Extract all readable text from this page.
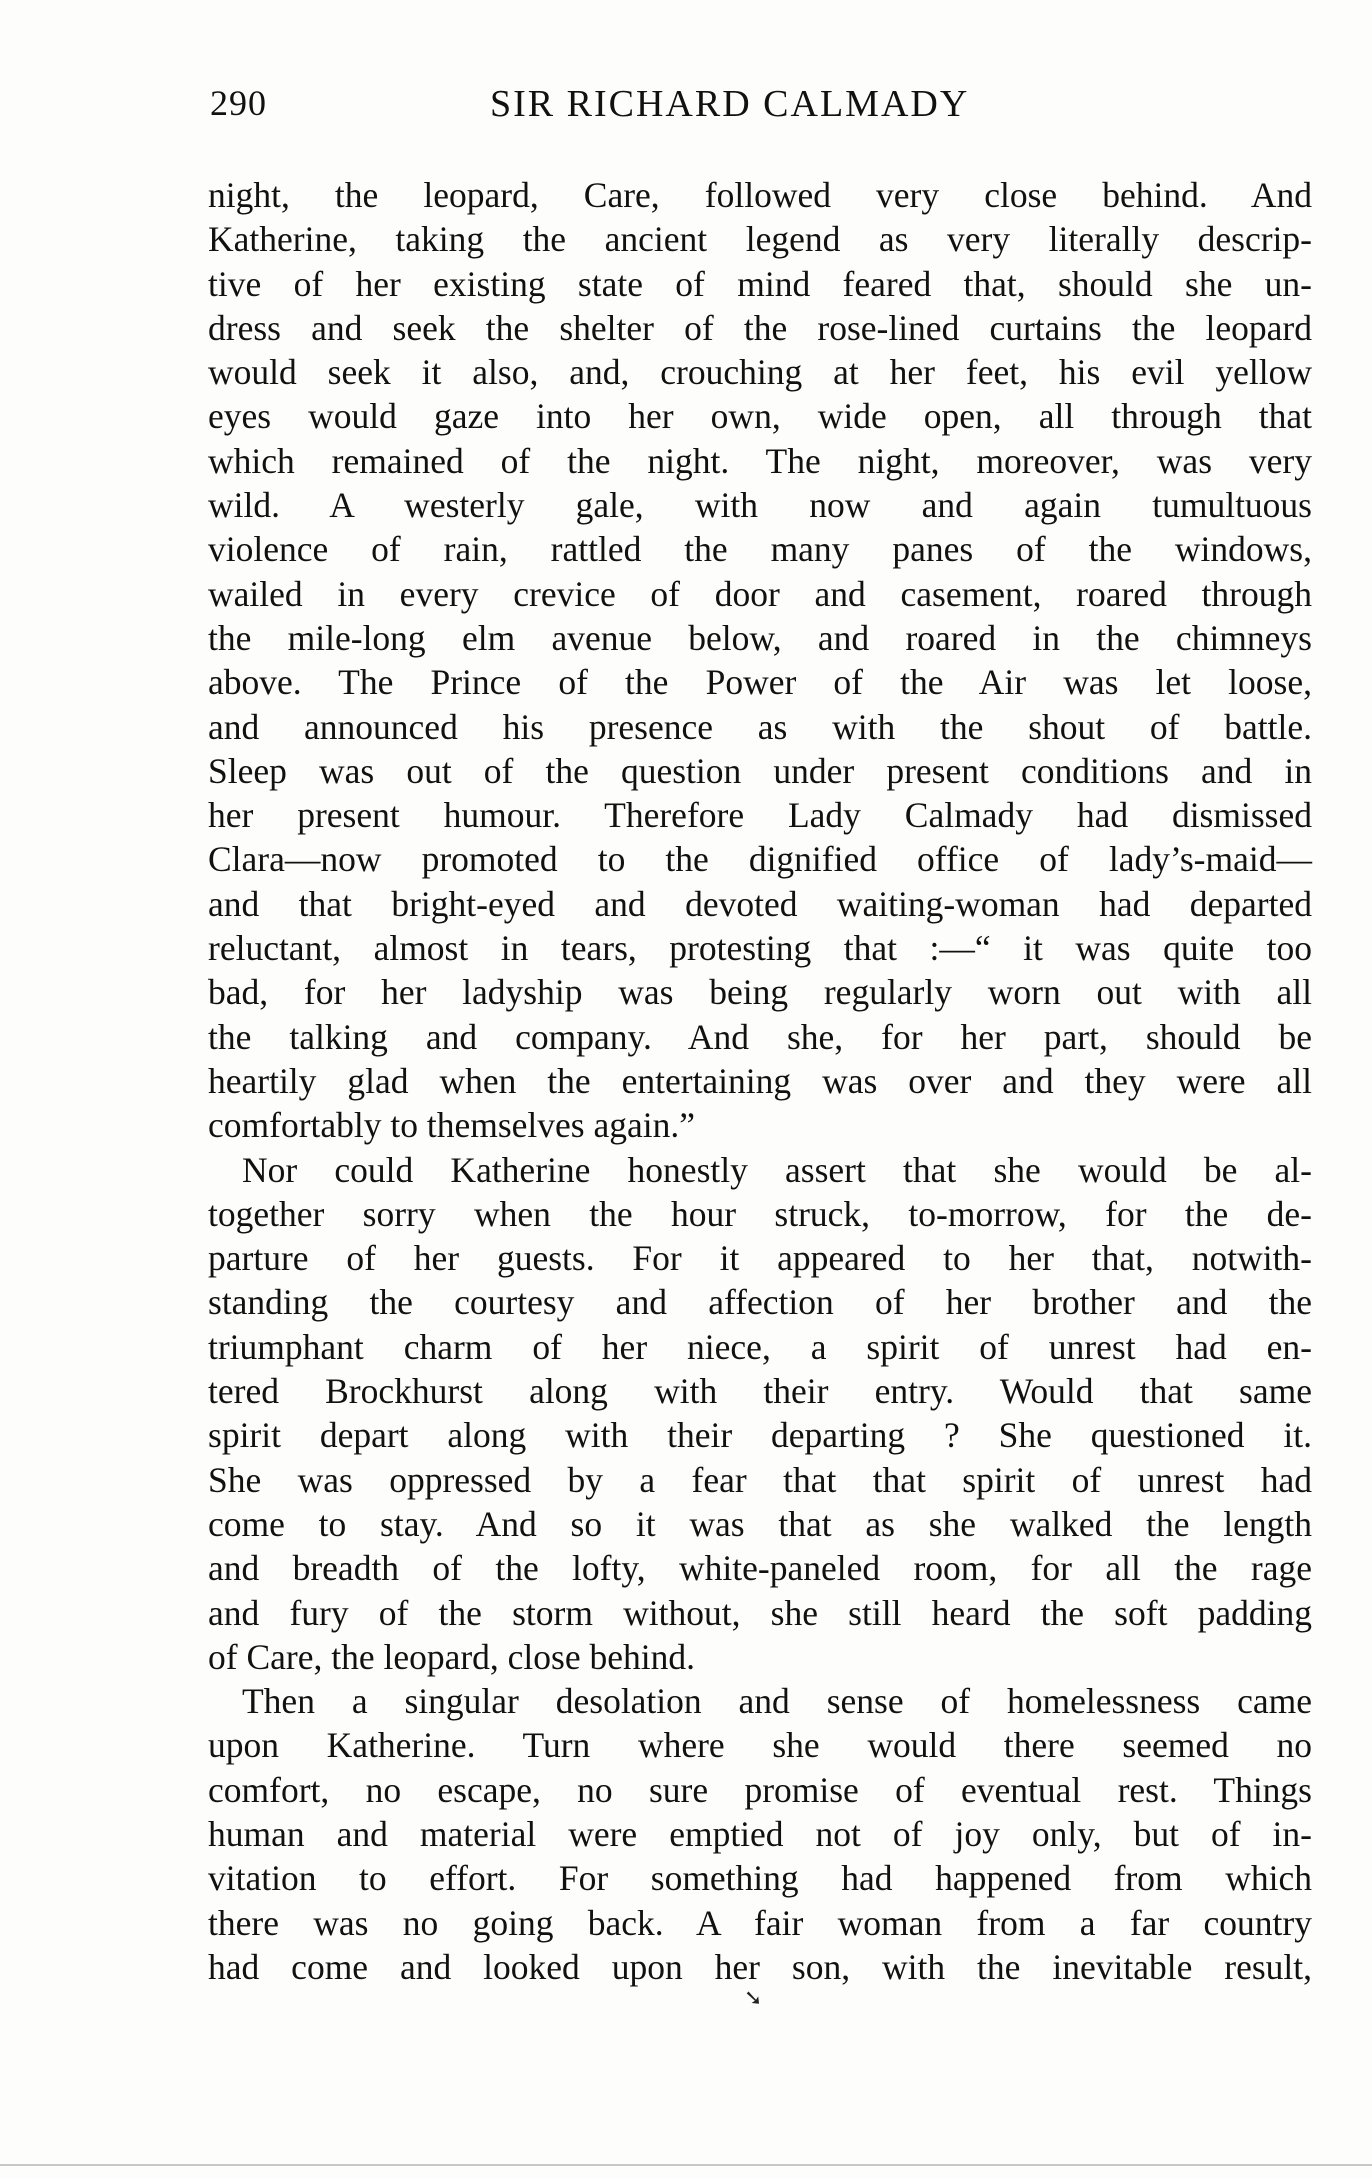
290	SIR RICHARD CALMADY
night, the leopard, Care, followed very close behind. And
Katherine, taking the ancient legend as very literally descrip-
tive of her existing state of mind feared that, should she un-
dress and seek the shelter of the rose-lined curtains the leopard
would seek it also, and, crouching at her feet, his evil yellow
eyes would gaze into her own, wide open, all through that
which remained of the night. The night, moreover, was very
wild. A westerly gale, with now and again tumultuous
violence of rain, rattled the many panes of the windows,
wailed in every crevice of door and casement, roared through
the mile-long elm avenue below, and roared in the chimneys
above. The Prince of the Power of the Air was let loose,
and announced his presence as with the shout of battle.
Sleep was out of the question under present conditions and in
her present humour. Therefore Lady Calmady had dismissed
Clara—now promoted to the dignified office of lady’s-maid—
and that bright-eyed and devoted waiting-woman had departed
reluctant, almost in tears, protesting that :—“ it was quite too
bad, for her ladyship was being regularly worn out with all
the talking and company. And she, for her part, should be
heartily glad when the entertaining was over and they were all
comfortably to themselves again.”
Nor could Katherine honestly assert that she would be al-
together sorry when the hour struck, to-morrow, for the de-
parture of her guests. For it appeared to her that, notwith-
standing the courtesy and affection of her brother and the
triumphant charm of her niece, a spirit of unrest had en-
tered Brockhurst along with their entry. Would that same
spirit depart along with their departing ? She questioned it.
She was oppressed by a fear that that spirit of unrest had
come to stay. And so it was that as she walked the length
and breadth of the lofty, white-paneled room, for all the rage
and fury of the storm without, she still heard the soft padding
of Care, the leopard, close behind.
Then a singular desolation and sense of homelessness came
upon Katherine. Turn where she would there seemed no
comfort, no escape, no sure promise of eventual rest. Things
human and material were emptied not of joy only, but of in-
vitation to effort. For something had happened from which
there was no going back. A fair woman from a far country
had come and looked upon her son, with the inevitable result,
➘
